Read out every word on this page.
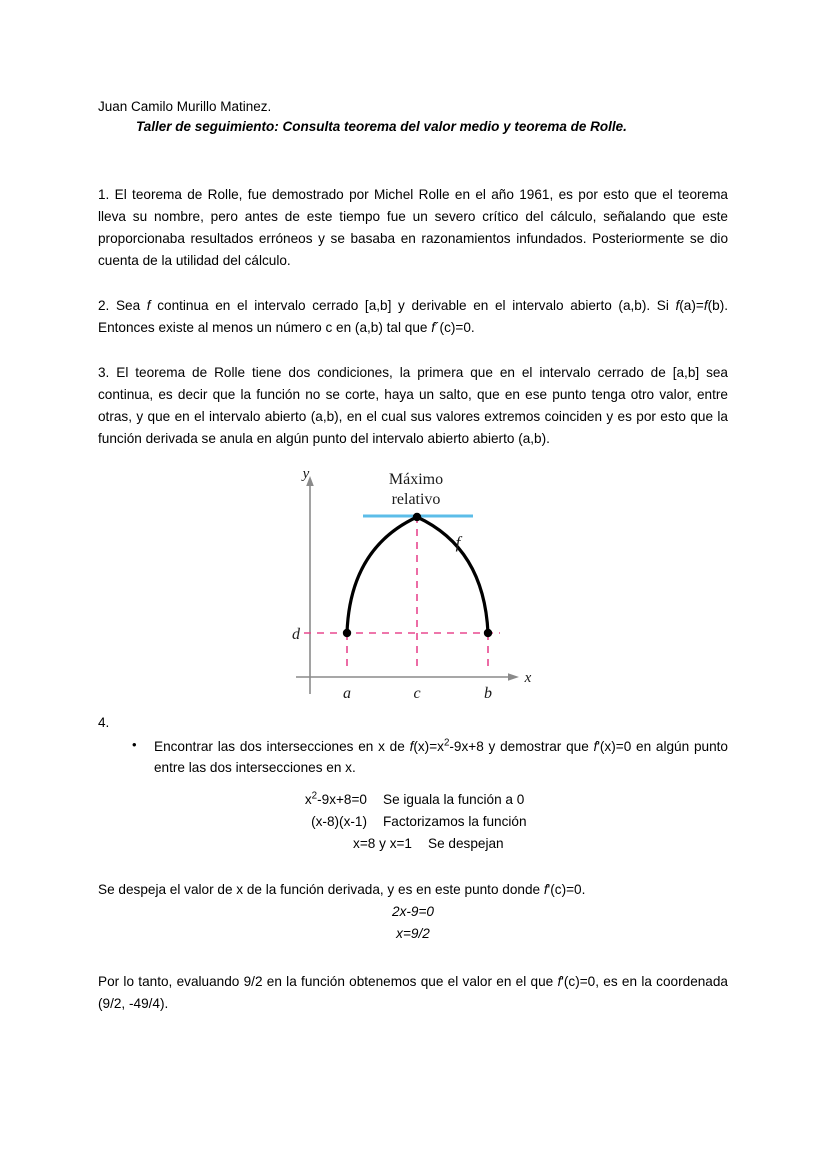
Juan Camilo Murillo Matinez.
Taller de seguimiento: Consulta teorema del valor medio y teorema de Rolle.

1. El teorema de Rolle, fue demostrado por Michel Rolle en el año 1961, es por esto que el teorema lleva su nombre, pero antes de este tiempo fue un severo crítico del cálculo, señalando que este proporcionaba resultados erróneos y se basaba en razonamientos infundados. Posteriormente se dio cuenta de la utilidad del cálculo.

2. Sea f continua en el intervalo cerrado [a,b] y derivable en el intervalo abierto (a,b). Si f(a)=f(b). Entonces existe al menos un número c en (a,b) tal que f´(c)=0.

3. El teorema de Rolle tiene dos condiciones, la primera que en el intervalo cerrado de [a,b] sea continua, es decir que la función no se corte, haya un salto, que en ese punto tenga otro valor, entre otras, y que en el intervalo abierto (a,b), en el cual sus valores extremos coinciden y es por esto que la función derivada se anula en algún punto del intervalo abierto abierto (a,b).

y
x
d
a	c	b
f
Máximo
relativo
4.
• Encontrar las dos intersecciones en x de $f(x)=x^2-9x+8$ y demostrar que f'(x)=0 en algún punto entre las dos intersecciones en x.
$x^2-9x+8=0$	Se iguala la función a 0
(x-8)(x-1)	Factorizamos la función
x=8 y x=1	Se despejan

Se despeja el valor de x de la función derivada, y es en este punto donde f'(c)=0.

2x-9=0
x=9/2

Por lo tanto, evaluando 9/2 en la función obtenemos que el valor en el que f'(c)=0, es en la coordenada (9/2, -49/4).
